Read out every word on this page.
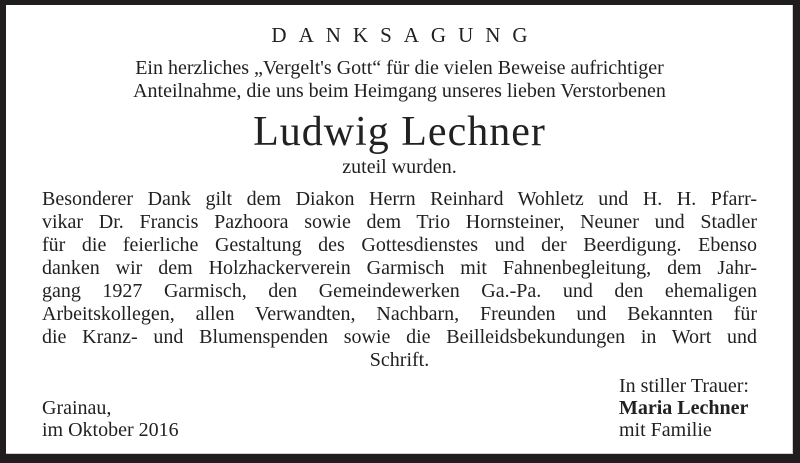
DANKSAGUNG
Ein herzliches „Vergelt's Gott“ für die vielen Beweise aufrichtiger
Anteilnahme, die uns beim Heimgang unseres lieben Verstorbenen
Ludwig Lechner
zuteil wurden.
Besonderer Dank gilt dem Diakon Herrn Reinhard Wohletz und H. H. Pfarr-
vikar Dr. Francis Pazhoora sowie dem Trio Hornsteiner, Neuner und Stadler
für die feierliche Gestaltung des Gottesdienstes und der Beerdigung. Ebenso
danken wir dem Holzhackerverein Garmisch mit Fahnenbegleitung, dem Jahr-
gang 1927 Garmisch, den Gemeindewerken Ga.-Pa. und den ehemaligen
Arbeitskollegen, allen Verwandten, Nachbarn, Freunden und Bekannten für
die Kranz- und Blumenspenden sowie die Beilleidsbekundungen in Wort und
Schrift.
Grainau,
im Oktober 2016
In stiller Trauer:
Maria Lechner
mit Familie
